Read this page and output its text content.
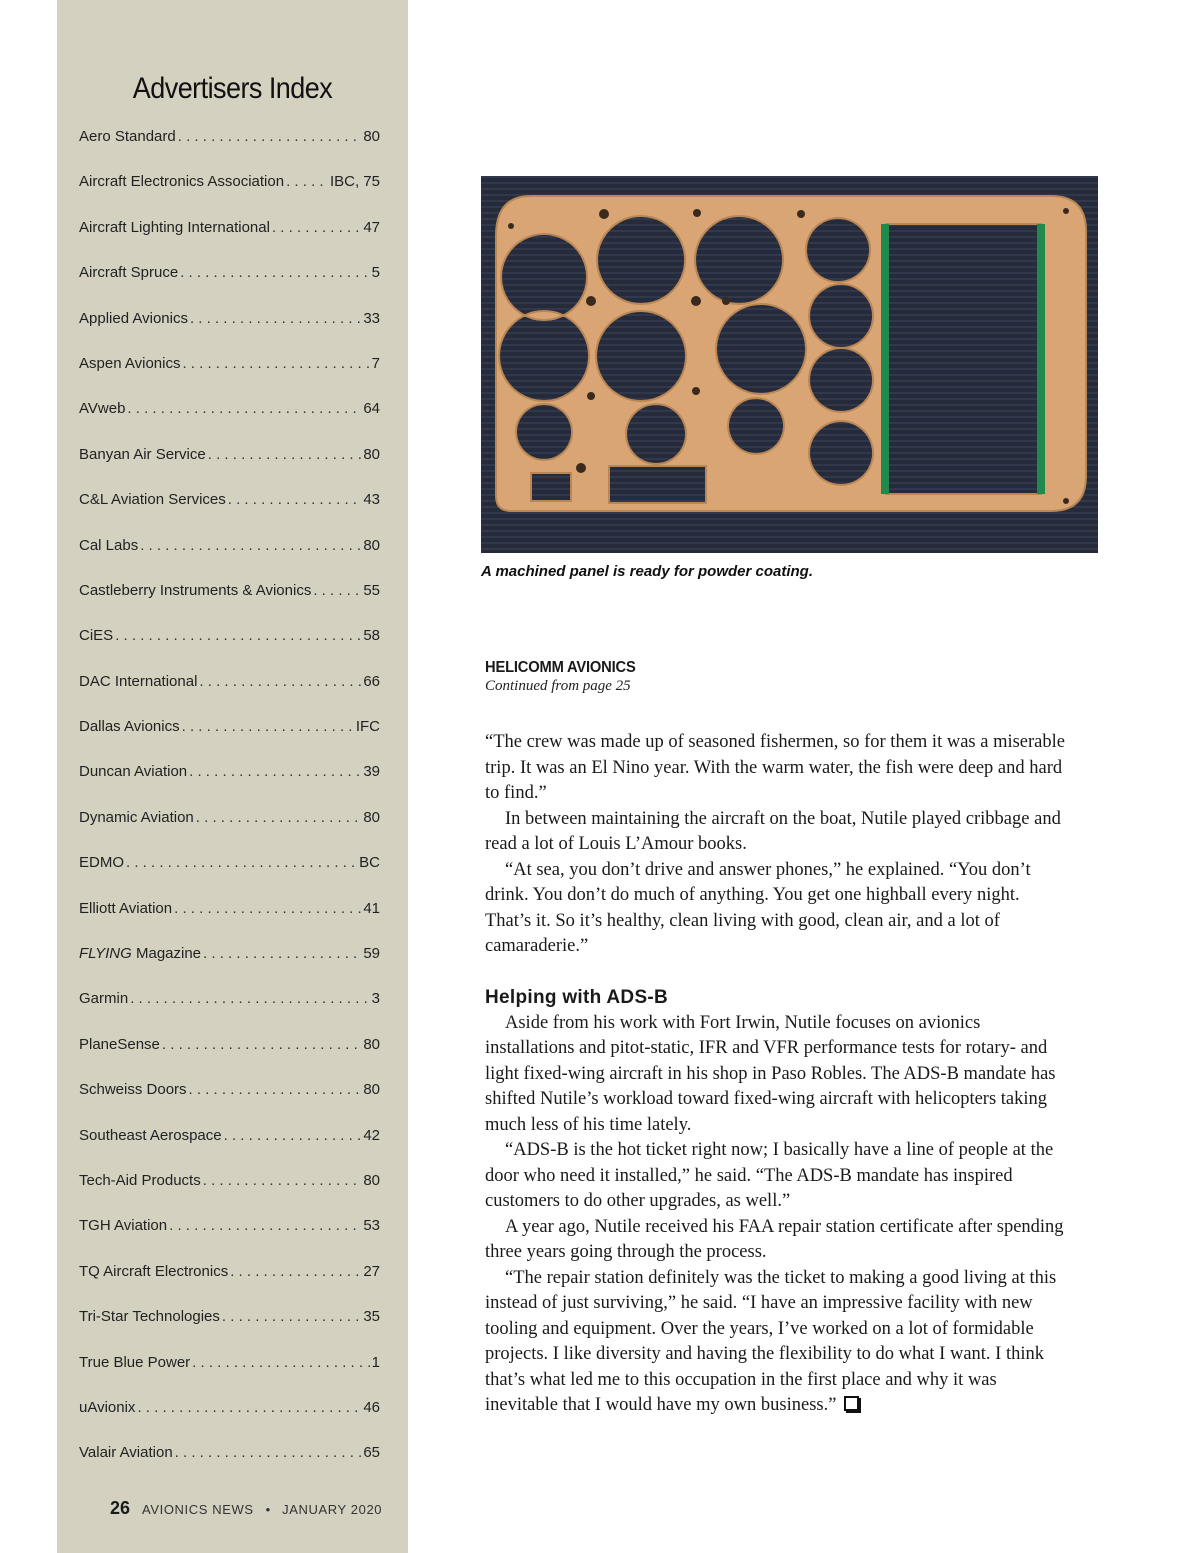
Advertisers Index
Aero Standard . . .	80
Aircraft Electronics Association . . .	IBC, 75
Aircraft Lighting International . . .	47
Aircraft Spruce . . .	5
Applied Avionics . . .	33
Aspen Avionics . . .	7
AVweb . . .	64
Banyan Air Service . . .	80
C&L Aviation Services . . .	43
Cal Labs . . .	80
Castleberry Instruments & Avionics . . .	55
CiES . . .	58
DAC International . . .	66
Dallas Avionics . . .	IFC
Duncan Aviation . . .	39
Dynamic Aviation . . .	80
EDMO . . .	BC
Elliott Aviation . . .	41
FLYING Magazine . . .	59
Garmin . . .	3
PlaneSense . . .	80
Schweiss Doors . . .	80
Southeast Aerospace . . .	42
Tech-Aid Products . . .	80
TGH Aviation . . .	53
TQ Aircraft Electronics . . .	27
Tri-Star Technologies . . .	35
True Blue Power . . .	1
uAvionix . . .	46
Valair Aviation . . .	65
26 AVIONICS NEWS • JANUARY 2020
A machined panel is ready for powder coating.
HELICOMM AVIONICS
Continued from page 25

“The crew was made up of seasoned fishermen, so for them it was a miserable trip. It was an El Nino year. With the warm water, the fish were deep and hard to find.”

In between maintaining the aircraft on the boat, Nutile played cribbage and read a lot of Louis L’Amour books.

“At sea, you don’t drive and answer phones,” he explained. “You don’t drink. You don’t do much of anything. You get one highball every night. That’s it. So it’s healthy, clean living with good, clean air, and a lot of camaraderie.”

Helping with ADS-B

Aside from his work with Fort Irwin, Nutile focuses on avionics installations and pitot-static, IFR and VFR performance tests for rotary- and light fixed-wing aircraft in his shop in Paso Robles. The ADS-B mandate has shifted Nutile’s workload toward fixed-wing aircraft with helicopters taking much less of his time lately.

“ADS-B is the hot ticket right now; I basically have a line of people at the door who need it installed,” he said. “The ADS-B mandate has inspired customers to do other upgrades, as well.”

A year ago, Nutile received his FAA repair station certificate after spending three years going through the process.

“The repair station definitely was the ticket to making a good living at this instead of just surviving,” he said. “I have an impressive facility with new tooling and equipment. Over the years, I’ve worked on a lot of formidable projects. I like diversity and having the flexibility to do what I want. I think that’s what led me to this occupation in the first place and why it was inevitable that I would have my own business.”
